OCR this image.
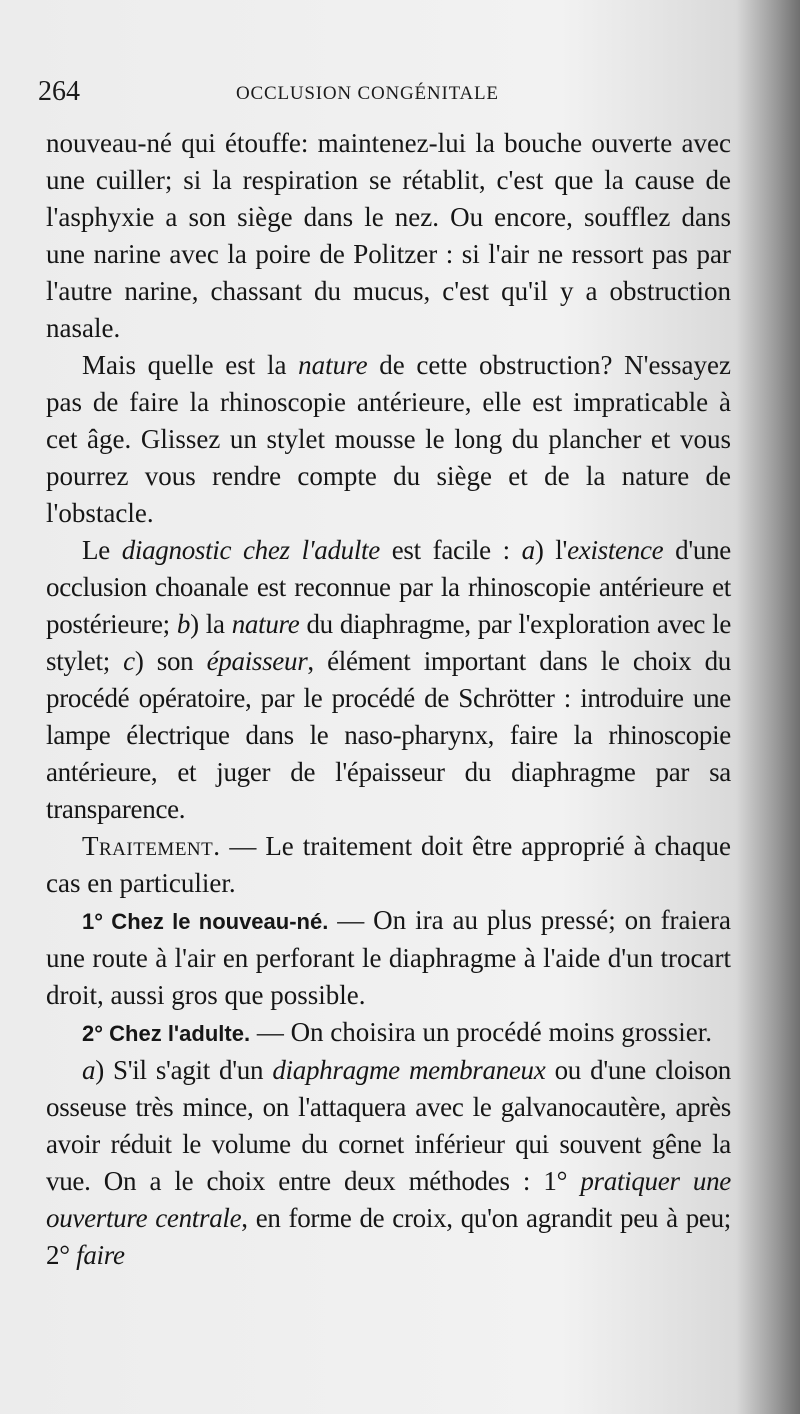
264	OCCLUSION CONGÉNITALE

nouveau-né qui étouffe: maintenez-lui la bouche ouverte avec une cuiller; si la respiration se rétablit, c'est que la cause de l'asphyxie a son siège dans le nez. Ou encore, soufflez dans une narine avec la poire de Politzer : si l'air ne ressort pas par l'autre narine, chassant du mucus, c'est qu'il y a obstruction nasale.

Mais quelle est la nature de cette obstruction? N'essayez pas de faire la rhinoscopie antérieure, elle est impraticable à cet âge. Glissez un stylet mousse le long du plancher et vous pourrez vous rendre compte du siège et de la nature de l'obstacle.

Le diagnostic chez l'adulte est facile : a) l'existence d'une occlusion choanale est reconnue par la rhinoscopie antérieure et postérieure; b) la nature du diaphragme, par l'exploration avec le stylet; c) son épaisseur, élément important dans le choix du procédé opératoire, par le procédé de Schrötter : introduire une lampe électrique dans le naso-pharynx, faire la rhinoscopie antérieure, et juger de l'épaisseur du diaphragme par sa transparence.

Traitement. — Le traitement doit être approprié à chaque cas en particulier.

1° Chez le nouveau-né. — On ira au plus pressé; on fraiera une route à l'air en perforant le diaphragme à l'aide d'un trocart droit, aussi gros que possible.

2° Chez l'adulte. — On choisira un procédé moins grossier.

a) S'il s'agit d'un diaphragme membraneux ou d'une cloison osseuse très mince, on l'attaquera avec le galvanocautère, après avoir réduit le volume du cornet inférieur qui souvent gêne la vue. On a le choix entre deux méthodes : 1° pratiquer une ouverture centrale, en forme de croix, qu'on agrandit peu à peu; 2° faire
